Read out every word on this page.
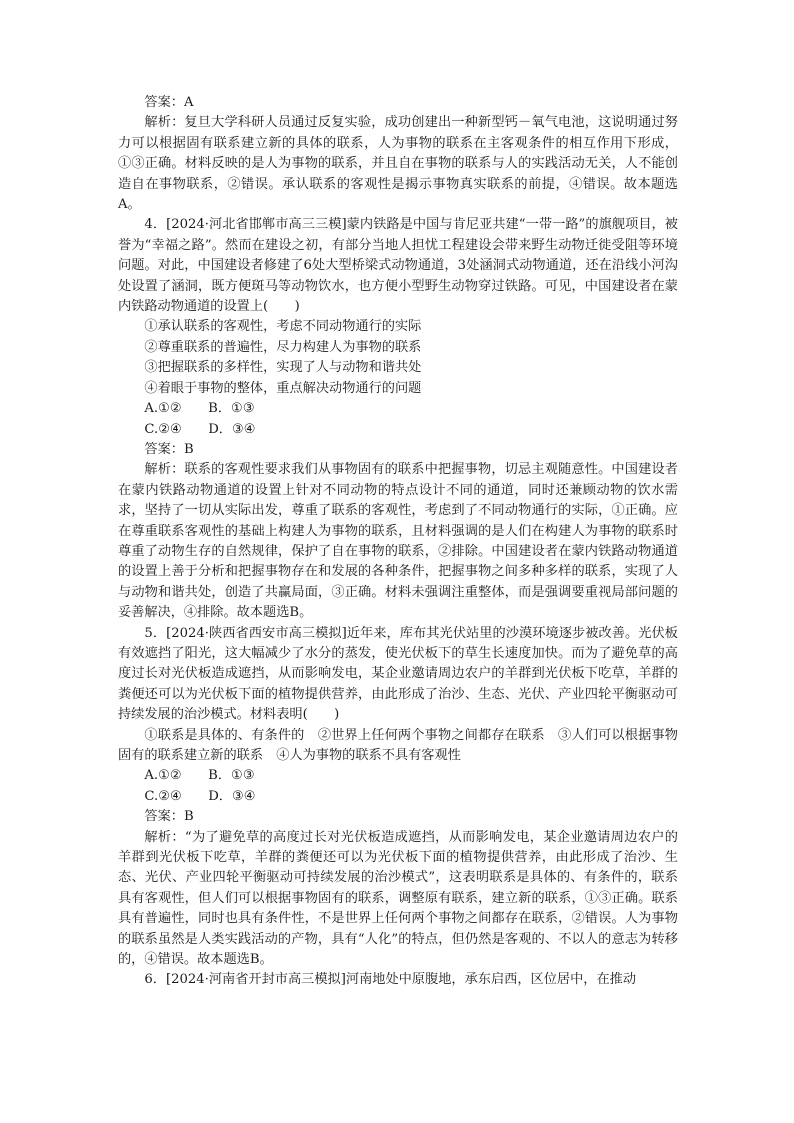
答案：A

解析：复旦大学科研人员通过反复实验，成功创建出一种新型钙－氧气电池，这说明通过努力可以根据固有联系建立新的具体的联系，人为事物的联系在主客观条件的相互作用下形成，①③正确。材料反映的是人为事物的联系，并且自在事物的联系与人的实践活动无关，人不能创造自在事物联系，②错误。承认联系的客观性是揭示事物真实联系的前提，④错误。故本题选A。

4．[2024·河北省邯郸市高三三模]蒙内铁路是中国与肯尼亚共建“一带一路”的旗舰项目，被誉为“幸福之路”。然而在建设之初，有部分当地人担忧工程建设会带来野生动物迁徙受阻等环境问题。对此，中国建设者修建了6处大型桥梁式动物通道，3处涵洞式动物通道，还在沿线小河沟处设置了涵洞，既方便斑马等动物饮水，也方便小型野生动物穿过铁路。可见，中国建设者在蒙内铁路动物通道的设置上(　　)

①承认联系的客观性，考虑不同动物通行的实际

②尊重联系的普遍性，尽力构建人为事物的联系

③把握联系的多样性，实现了人与动物和谐共处

④着眼于事物的整体，重点解决动物通行的问题

A.①②　　B．①③

C.②④　　D．③④

答案：B

解析：联系的客观性要求我们从事物固有的联系中把握事物，切忌主观随意性。中国建设者在蒙内铁路动物通道的设置上针对不同动物的特点设计不同的通道，同时还兼顾动物的饮水需求，坚持了一切从实际出发，尊重了联系的客观性，考虑到了不同动物通行的实际，①正确。应在尊重联系客观性的基础上构建人为事物的联系，且材料强调的是人们在构建人为事物的联系时尊重了动物生存的自然规律，保护了自在事物的联系，②排除。中国建设者在蒙内铁路动物通道的设置上善于分析和把握事物存在和发展的各种条件，把握事物之间多种多样的联系，实现了人与动物和谐共处，创造了共赢局面，③正确。材料未强调注重整体，而是强调要重视局部问题的妥善解决，④排除。故本题选B。

5．[2024·陕西省西安市高三模拟]近年来，库布其光伏站里的沙漠环境逐步被改善。光伏板有效遮挡了阳光，这大幅减少了水分的蒸发，使光伏板下的草生长速度加快。而为了避免草的高度过长对光伏板造成遮挡，从而影响发电，某企业邀请周边农户的羊群到光伏板下吃草，羊群的粪便还可以为光伏板下面的植物提供营养，由此形成了治沙、生态、光伏、产业四轮平衡驱动可持续发展的治沙模式。材料表明(　　)

①联系是具体的、有条件的　②世界上任何两个事物之间都存在联系　③人们可以根据事物固有的联系建立新的联系　④人为事物的联系不具有客观性

A.①②　　B．①③

C.②④　　D．③④

答案：B

解析：“为了避免草的高度过长对光伏板造成遮挡，从而影响发电，某企业邀请周边农户的羊群到光伏板下吃草，羊群的粪便还可以为光伏板下面的植物提供营养，由此形成了治沙、生态、光伏、产业四轮平衡驱动可持续发展的治沙模式”，这表明联系是具体的、有条件的，联系具有客观性，但人们可以根据事物固有的联系，调整原有联系，建立新的联系，①③正确。联系具有普遍性，同时也具有条件性，不是世界上任何两个事物之间都存在联系，②错误。人为事物的联系虽然是人类实践活动的产物，具有“人化”的特点，但仍然是客观的、不以人的意志为转移的，④错误。故本题选B。

6．[2024·河南省开封市高三模拟]河南地处中原腹地，承东启西，区位居中，在推动
